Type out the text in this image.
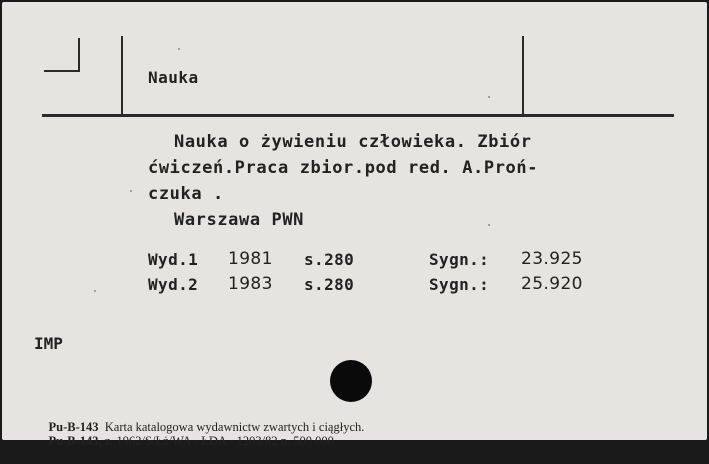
Nauka
Nauka o żywieniu człowieka. Zbiór
ćwiczeń.Praca zbior.pod red. A.Proń-
czuka .
Warszawa PWN
Wyd.1 1981 s.280	Sygn.: 23.925
Wyd.2 1983 s.280	Sygn.: 25.920
IMP

Pu-B-143 Karta katalogowa wydawnictw zwartych i ciągłych.

Pu-B-143, z. 1962/S/Łż/WA - ŁDA - 1203/82 n. 500 000
